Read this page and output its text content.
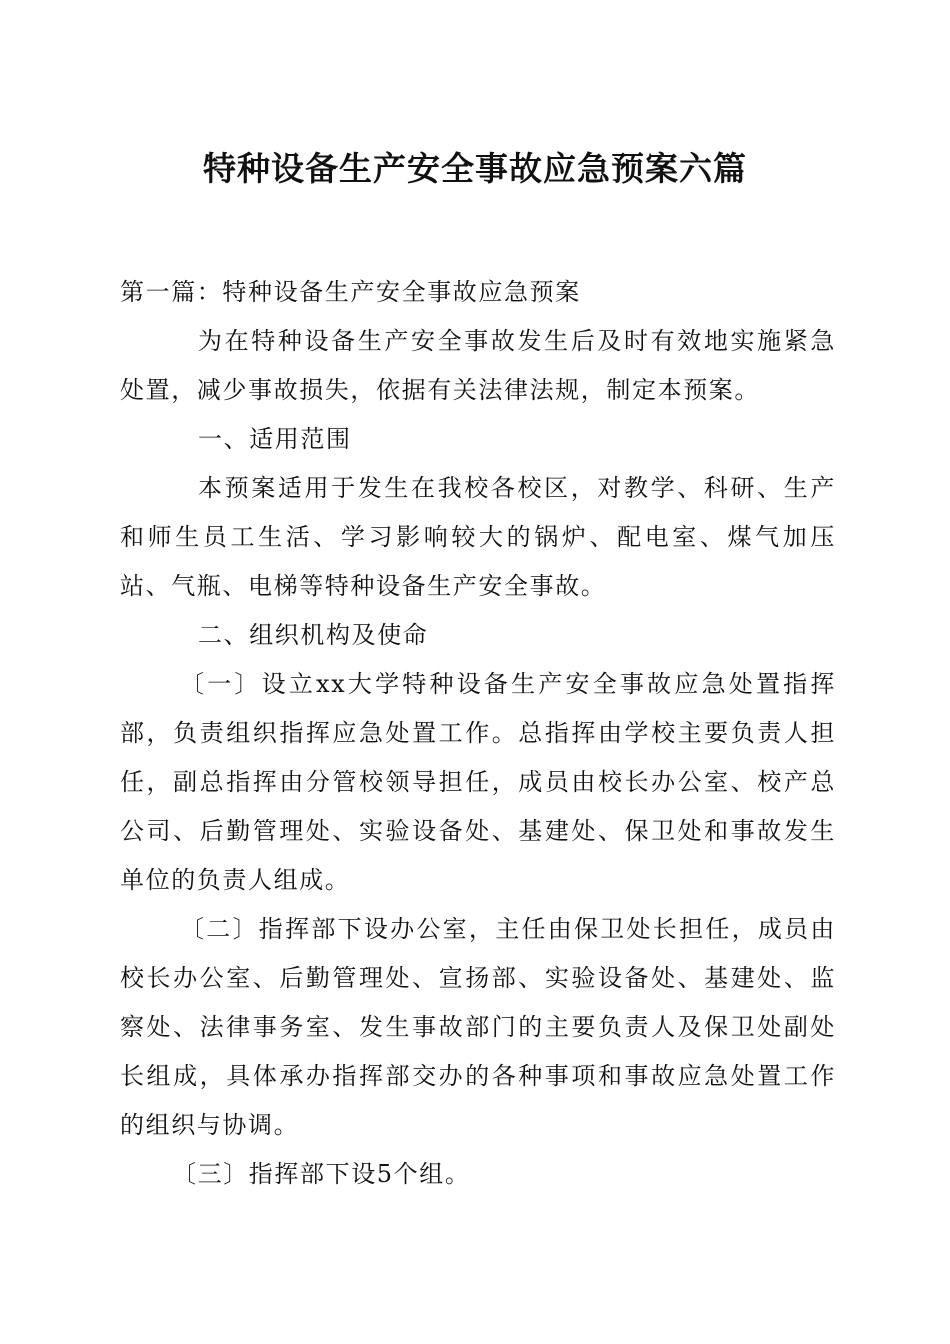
特种设备生产安全事故应急预案六篇

第一篇：特种设备生产安全事故应急预案

为在特种设备生产安全事故发生后及时有效地实施紧急处置，减少事故损失，依据有关法律法规，制定本预案。

一、适用范围

本预案适用于发生在我校各校区，对教学、科研、生产和师生员工生活、学习影响较大的锅炉、配电室、煤气加压站、气瓶、电梯等特种设备生产安全事故。

二、组织机构及使命

〔一〕设立xx大学特种设备生产安全事故应急处置指挥部，负责组织指挥应急处置工作。总指挥由学校主要负责人担任，副总指挥由分管校领导担任，成员由校长办公室、校产总公司、后勤管理处、实验设备处、基建处、保卫处和事故发生单位的负责人组成。

〔二〕指挥部下设办公室，主任由保卫处长担任，成员由校长办公室、后勤管理处、宣扬部、实验设备处、基建处、监察处、法律事务室、发生事故部门的主要负责人及保卫处副处长组成，具体承办指挥部交办的各种事项和事故应急处置工作的组织与协调。

〔三〕指挥部下设5个组。
